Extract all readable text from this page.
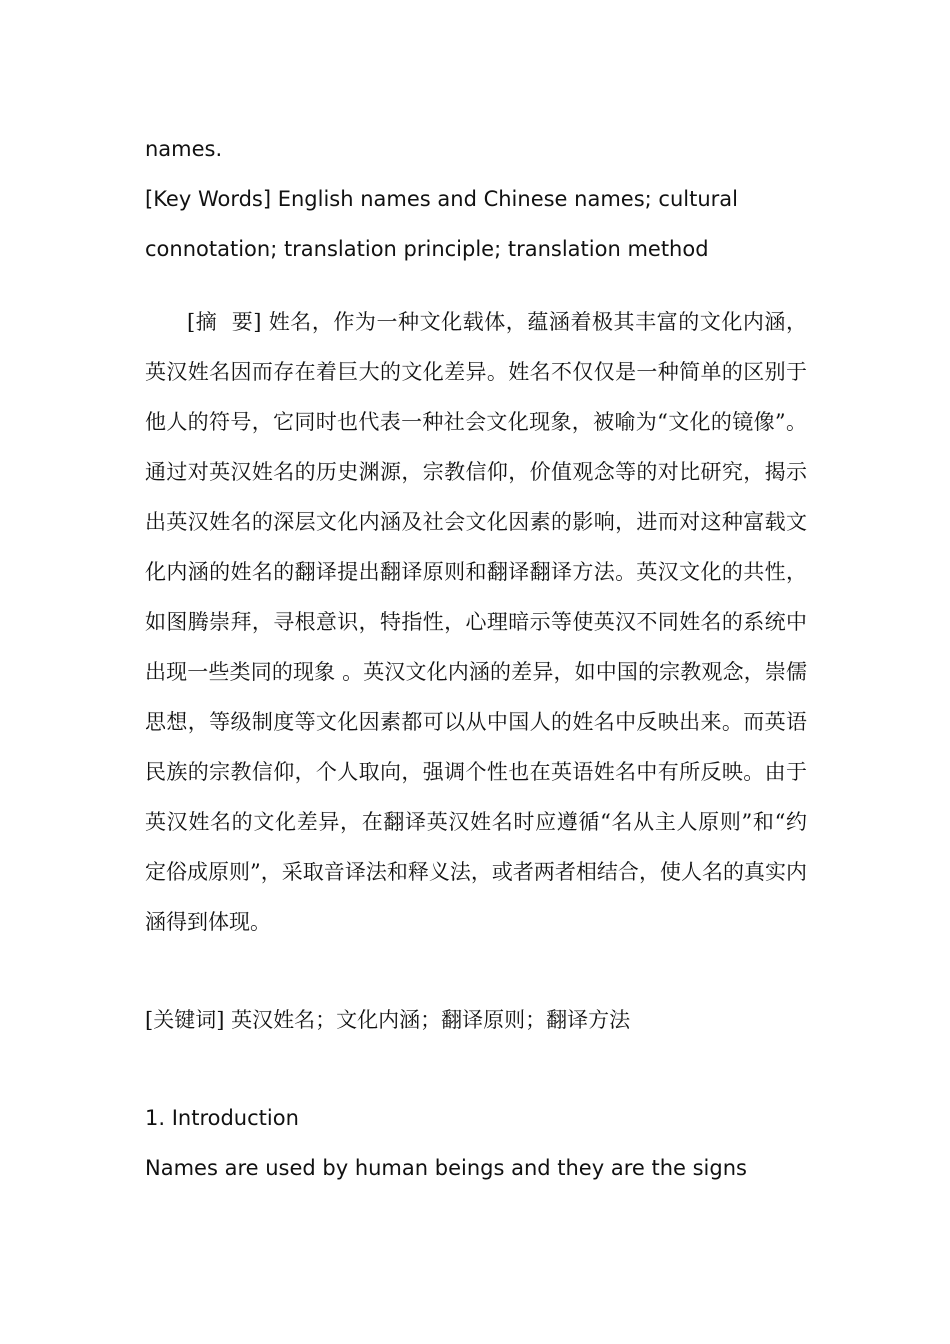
names.

[Key Words] English names and Chinese names; cultural

connotation; translation principle; translation method

[摘  要] 姓名，作为一种文化载体，蕴涵着极其丰富的文化内涵，英汉姓名因而存在着巨大的文化差异。姓名不仅仅是一种简单的区别于他人的符号，它同时也代表一种社会文化现象，被喻为“文化的镜像”。通过对英汉姓名的历史渊源，宗教信仰，价值观念等的对比研究，揭示出英汉姓名的深层文化内涵及社会文化因素的影响，进而对这种富载文化内涵的姓名的翻译提出翻译原则和翻译翻译方法。英汉文化的共性，如图腾崇拜，寻根意识，特指性，心理暗示等使英汉不同姓名的系统中出现一些类同的现象 。英汉文化内涵的差异，如中国的宗教观念，崇儒思想，等级制度等文化因素都可以从中国人的姓名中反映出来。而英语民族的宗教信仰，个人取向，强调个性也在英语姓名中有所反映。由于英汉姓名的文化差异，在翻译英汉姓名时应遵循“名从主人原则”和“约定俗成原则”，采取音译法和释义法，或者两者相结合，使人名的真实内涵得到体现。

[关键词] 英汉姓名；文化内涵；翻译原则；翻译方法

1. Introduction

Names are used by human beings and they are the signs
